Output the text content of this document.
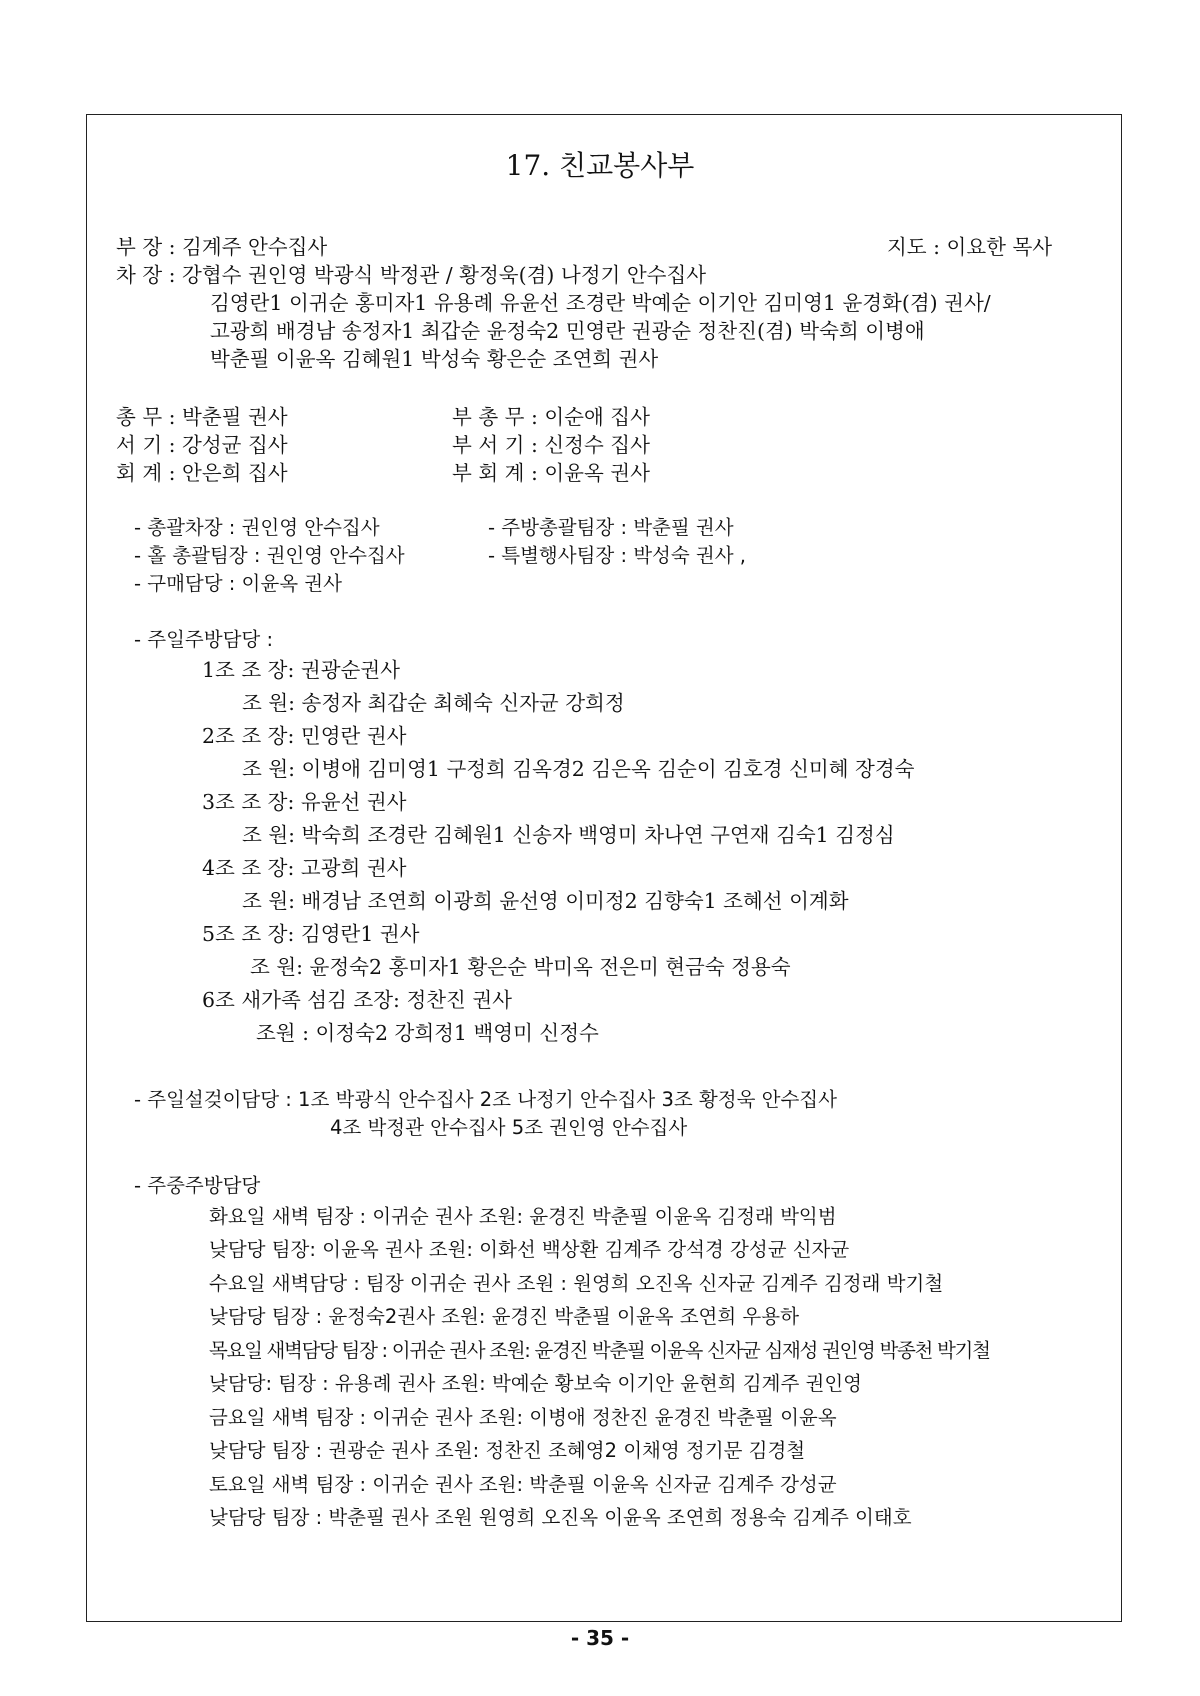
17. 친교봉사부
부 장 : 김계주 안수집사	지도 : 이요한 목사
차 장 : 강협수 권인영 박광식 박정관 / 황정욱(겸) 나정기 안수집사
김영란1 이귀순 홍미자1 유용례 유윤선 조경란 박예순 이기안 김미영1 윤경화(겸) 권사/
고광희 배경남 송정자1 최갑순 윤정숙2 민영란 권광순 정찬진(겸) 박숙희 이병애
박춘필 이윤옥 김혜원1 박성숙 황은순 조연희 권사
총 무 : 박춘필 권사	부 총 무 : 이순애 집사
서 기 : 강성균 집사	부 서 기 : 신정수 집사
회 계 : 안은희 집사	부 회 계 : 이윤옥 권사
- 총괄차장 : 권인영 안수집사	- 주방총괄팀장 : 박춘필 권사
- 홀 총괄팀장 : 권인영 안수집사	- 특별행사팀장 : 박성숙 권사 ,
- 구매담당 : 이윤옥 권사
- 주일주방담당 :
1조 조 장: 권광순권사
조 원: 송정자 최갑순 최혜숙 신자균 강희정
2조 조 장: 민영란 권사
조 원: 이병애 김미영1 구정희 김옥경2 김은옥 김순이 김호경 신미혜 장경숙
3조 조 장: 유윤선 권사
조 원: 박숙희 조경란 김혜원1 신송자 백영미 차나연 구연재 김숙1 김정심
4조 조 장: 고광희 권사
조 원: 배경남 조연희 이광희 윤선영 이미정2 김향숙1 조혜선 이계화
5조 조 장: 김영란1 권사
조 원: 윤정숙2 홍미자1 황은순 박미옥 전은미 현금숙 정용숙
6조 새가족 섬김 조장: 정찬진 권사
조원 : 이정숙2 강희정1 백영미 신정수
- 주일설겆이담당 : 1조 박광식 안수집사 2조 나정기 안수집사 3조 황정욱 안수집사
4조 박정관 안수집사 5조 권인영 안수집사
- 주중주방담당
화요일 새벽 팀장 : 이귀순 권사 조원: 윤경진 박춘필 이윤옥 김정래 박익범
낮담당 팀장: 이윤옥 권사 조원: 이화선 백상환 김계주 강석경 강성균 신자균
수요일 새벽담당 : 팀장 이귀순 권사 조원 : 원영희 오진옥 신자균 김계주 김정래 박기철
낮담당 팀장 : 윤정숙2권사 조원: 윤경진 박춘필 이윤옥 조연희 우용하
목요일 새벽담당 팀장 : 이귀순 권사 조원: 윤경진 박춘필 이윤옥 신자균 심재성 권인영 박종천 박기철
낮담당: 팀장 : 유용례 권사 조원: 박예순 황보숙 이기안 윤현희 김계주 권인영
금요일 새벽 팀장 : 이귀순 권사 조원: 이병애 정찬진 윤경진 박춘필 이윤옥
낮담당 팀장 : 권광순 권사 조원: 정찬진 조혜영2 이채영 정기문 김경철
토요일 새벽 팀장 : 이귀순 권사 조원: 박춘필 이윤옥 신자균 김계주 강성균
낮담당 팀장 : 박춘필 권사 조원 원영희 오진옥 이윤옥 조연희 정용숙 김계주 이태호
- 35 -
